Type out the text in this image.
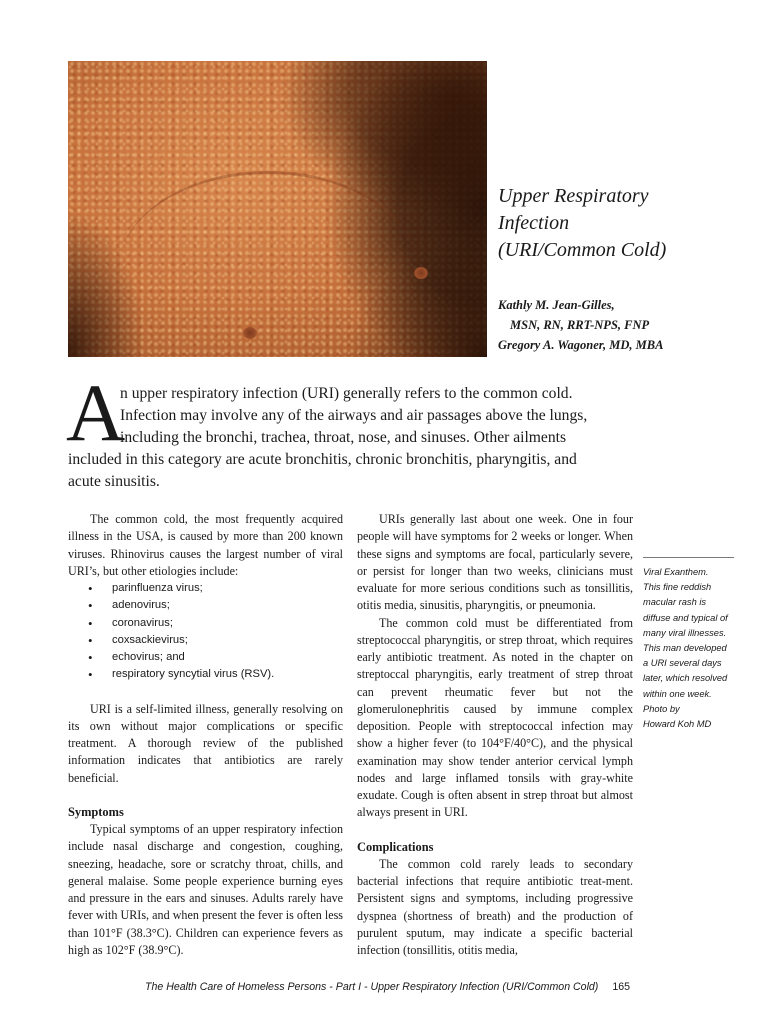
Upper Respiratory
Infection
(URI/Common Cold)
Kathly M. Jean-Gilles,
MSN, RN, RRT-NPS, FNP
Gregory A. Wagoner, MD, MBA
A
n upper respiratory infection (URI) generally refers to the common cold.
Infection may involve any of the airways and air passages above the lungs,
including the bronchi, trachea, throat, nose, and sinuses. Other ailments
included in this category are acute bronchitis, chronic bronchitis, pharyngitis, and
acute sinusitis.

The common cold, the most frequently acquired illness in the USA, is caused by more than 200 known viruses. Rhinovirus causes the largest number of viral URI’s, but other etiologies include:

• parinfluenza virus;
• adenovirus;
• coronavirus;
• coxsackievirus;
• echovirus; and
• respiratory syncytial virus (RSV).

URI is a self-limited illness, generally resolving on its own without major complications or specific treatment. A thorough review of the published information indicates that antibiotics are rarely beneficial.

Symptoms

Typical symptoms of an upper respiratory infection include nasal discharge and congestion, coughing, sneezing, headache, sore or scratchy throat, chills, and general malaise. Some people experience burning eyes and pressure in the ears and sinuses. Adults rarely have fever with URIs, and when present the fever is often less than 101°F (38.3°C). Children can experience fevers as high as 102°F (38.9°C).

URIs generally last about one week. One in four people will have symptoms for 2 weeks or longer. When these signs and symptoms are focal, particularly severe, or persist for longer than two weeks, clinicians must evaluate for more serious conditions such as tonsillitis, otitis media, sinusitis, pharyngitis, or pneumonia.

The common cold must be differentiated from streptococcal pharyngitis, or strep throat, which requires early antibiotic treatment. As noted in the chapter on streptoccal pharyngitis, early treatment of strep throat can prevent rheumatic fever but not the glomerulonephritis caused by immune complex deposition. People with streptococcal infection may show a higher fever (to 104°F/40°C), and the physical examination may show tender anterior cervical lymph nodes and large inflamed tonsils with gray-white exudate. Cough is often absent in strep throat but almost always present in URI.

Complications

The common cold rarely leads to secondary bacterial infections that require antibiotic treat-ment. Persistent signs and symptoms, including progressive dyspnea (shortness of breath) and the production of purulent sputum, may indicate a specific bacterial infection (tonsillitis, otitis media,

Viral Exanthem.
This fine reddish
macular rash is
diffuse and typical of
many viral illnesses.
This man developed
a URI several days
later, which resolved
within one week.
Photo by
Howard Koh MD
The Health Care of Homeless Persons - Part I - Upper Respiratory Infection (URI/Common Cold) 165
